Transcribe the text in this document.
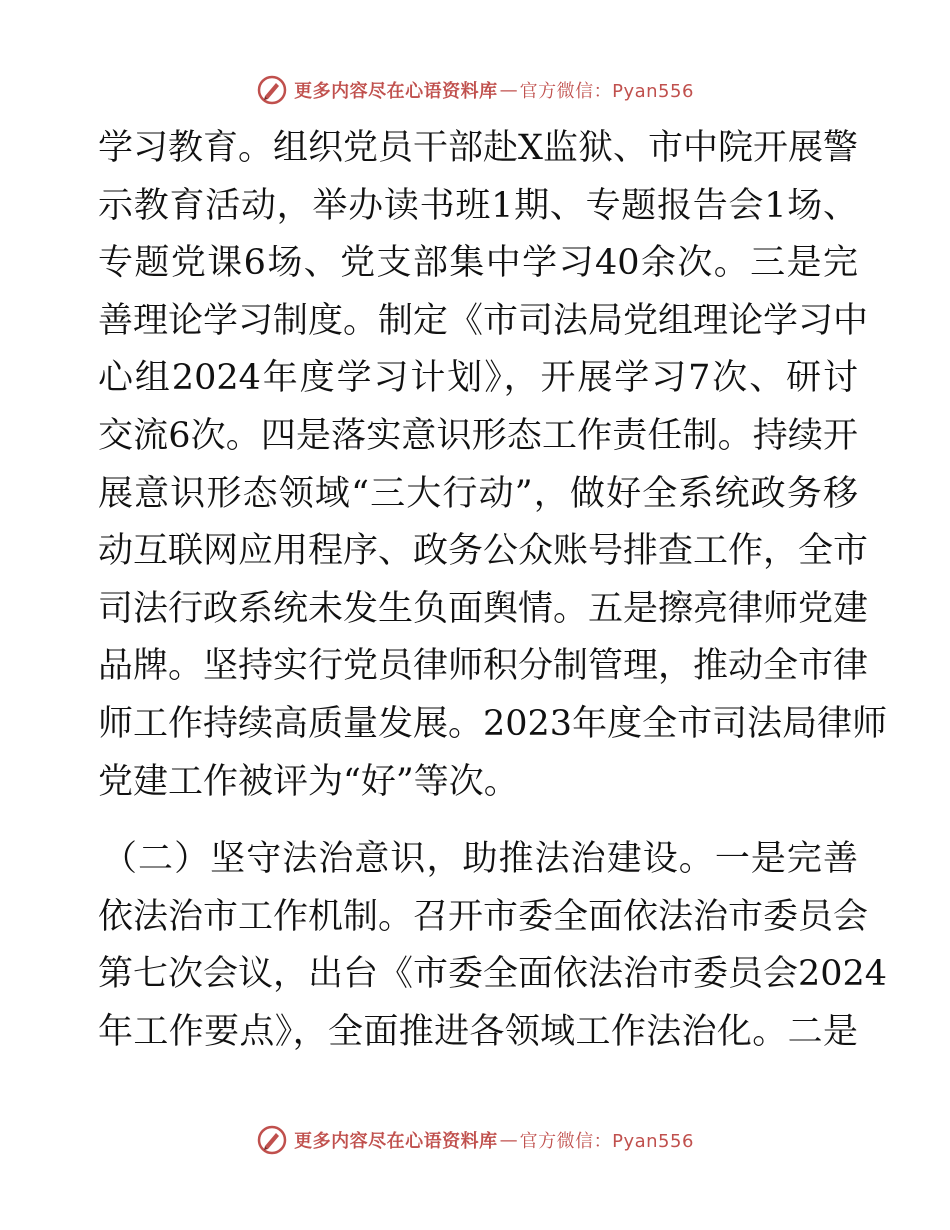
更多内容尽在心语资料库 — 官方微信：Pyan556
学习教育。组织党员干部赴X监狱、市中院开展警
示教育活动，举办读书班1期、专题报告会1场、
专题党课6场、党支部集中学习40余次。三是完
善理论学习制度。制定《市司法局党组理论学习中
心组2024年度学习计划》，开展学习7次、研讨
交流6次。四是落实意识形态工作责任制。持续开
展意识形态领域“三大行动”，做好全系统政务移
动互联网应用程序、政务公众账号排查工作，全市
司法行政系统未发生负面舆情。五是擦亮律师党建
品牌。坚持实行党员律师积分制管理，推动全市律
师工作持续高质量发展。2023年度全市司法局律师
党建工作被评为“好”等次。
（二）坚守法治意识，助推法治建设。一是完善
依法治市工作机制。召开市委全面依法治市委员会
第七次会议，出台《市委全面依法治市委员会2024
年工作要点》，全面推进各领域工作法治化。二是
更多内容尽在心语资料库 — 官方微信：Pyan556
